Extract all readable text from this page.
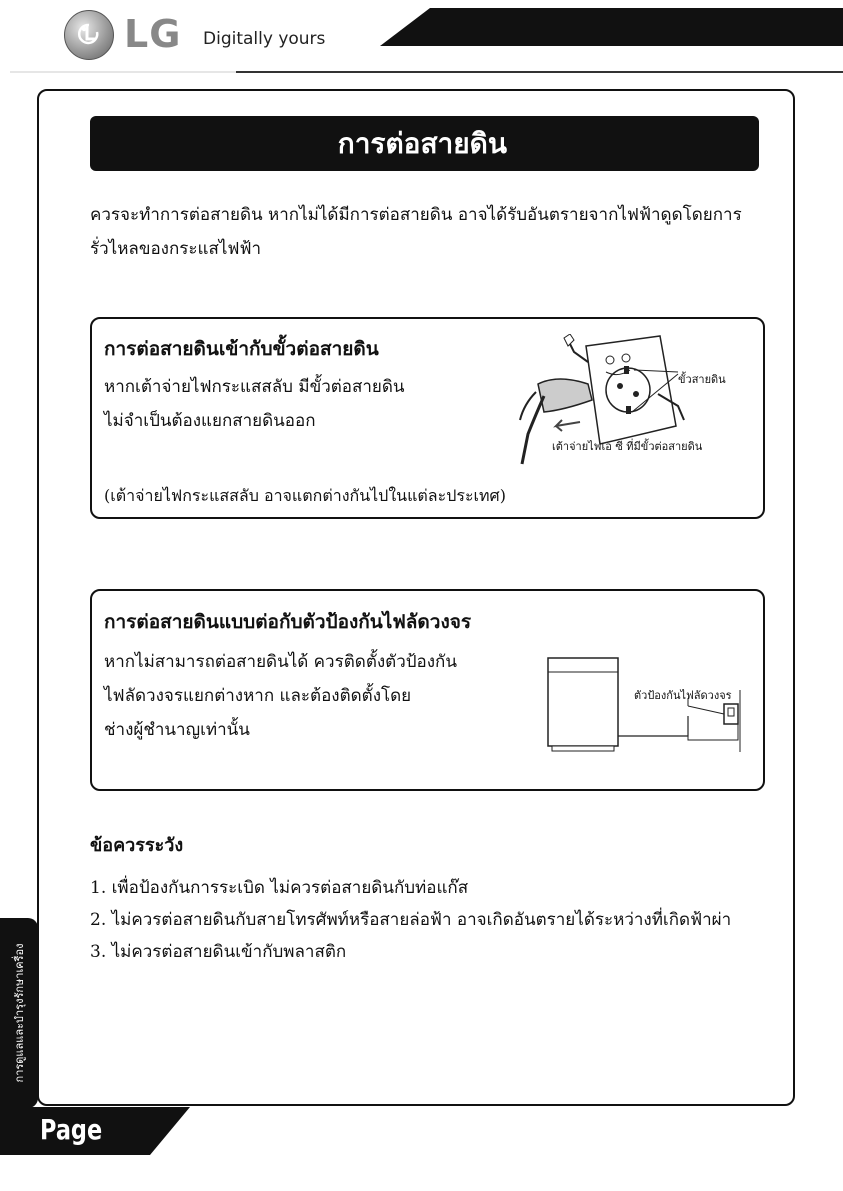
LG Digitally yours
การต่อสายดิน
ควรจะทำการต่อสายดิน หากไม่ได้มีการต่อสายดิน อาจได้รับอันตรายจากไฟฟ้าดูดโดยการ
รั่วไหลของกระแสไฟฟ้า
การต่อสายดินเข้ากับขั้วต่อสายดิน
หากเต้าจ่ายไฟกระแสสลับ มีขั้วต่อสายดิน
ไม่จำเป็นต้องแยกสายดินออก
(เต้าจ่ายไฟกระแสสลับ อาจแตกต่างกันไปในแต่ละประเทศ)
ขั้วสายดิน
เต้าจ่ายไฟเอ ซี ที่มีขั้วต่อสายดิน
การต่อสายดินแบบต่อกับตัวป้องกันไฟลัดวงจร
หากไม่สามารถต่อสายดินได้ ควรติดตั้งตัวป้องกัน
ไฟลัดวงจรแยกต่างหาก และต้องติดตั้งโดย
ช่างผู้ชำนาญเท่านั้น
ตัวป้องกันไฟลัดวงจร
ข้อควรระวัง
1. เพื่อป้องกันการระเบิด ไม่ควรต่อสายดินกับท่อแก๊ส
2. ไม่ควรต่อสายดินกับสายโทรศัพท์หรือสายล่อฟ้า อาจเกิดอันตรายได้ระหว่างที่เกิดฟ้าผ่า
3. ไม่ควรต่อสายดินเข้ากับพลาสติก
การดูแลและบำรุงรักษาเครื่อง
Page
